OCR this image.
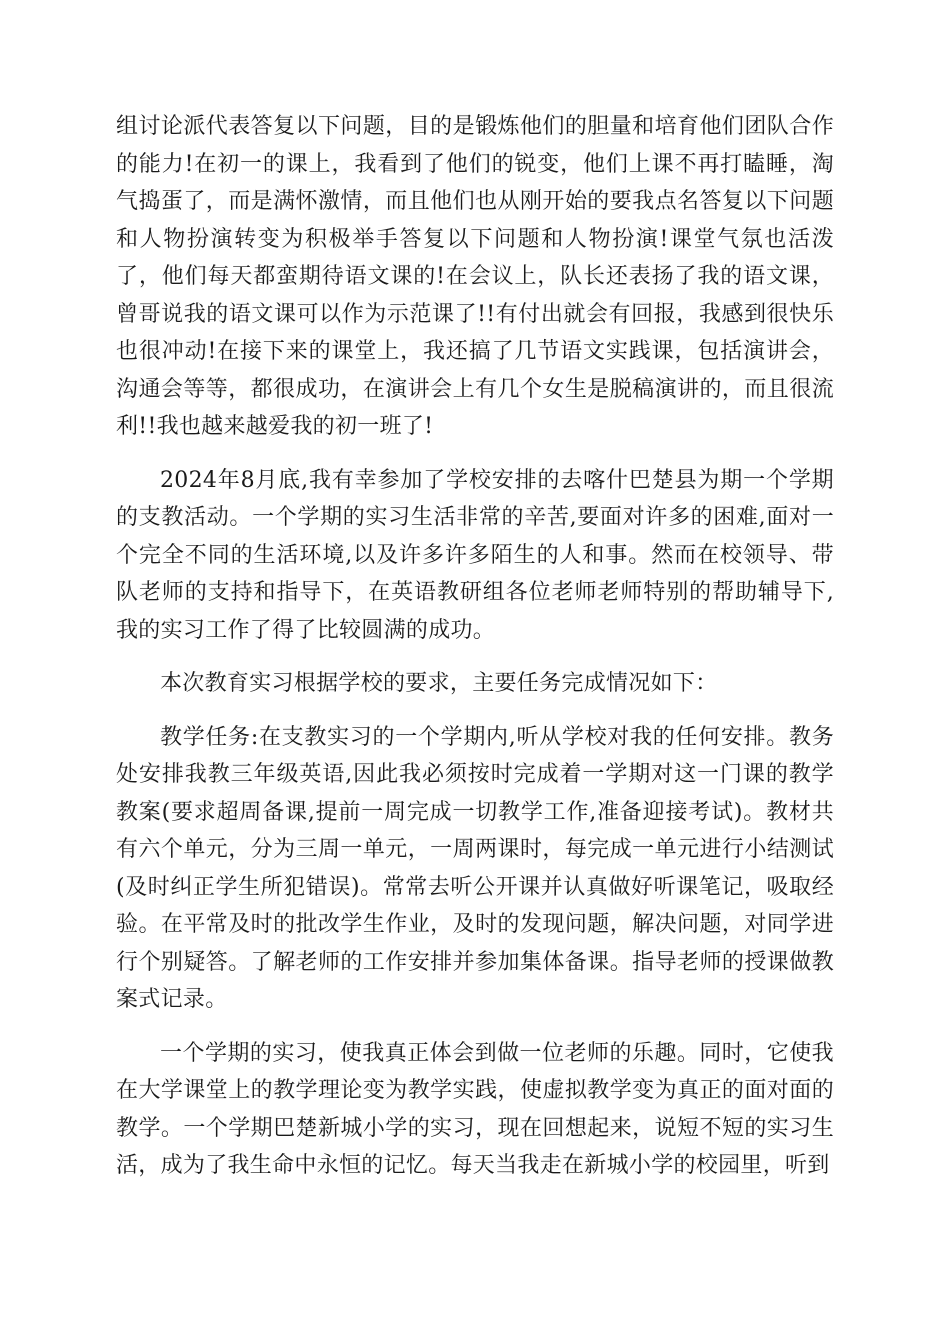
组讨论派代表答复以下问题，目的是锻炼他们的胆量和培育他们团队合作的能力!在初一的课上，我看到了他们的锐变，他们上课不再打瞌睡，淘气捣蛋了，而是满怀激情，而且他们也从刚开始的要我点名答复以下问题和人物扮演转变为积极举手答复以下问题和人物扮演!课堂气氛也活泼了，他们每天都蛮期待语文课的!在会议上，队长还表扬了我的语文课，曾哥说我的语文课可以作为示范课了!!有付出就会有回报，我感到很快乐也很冲动!在接下来的课堂上，我还搞了几节语文实践课，包括演讲会，沟通会等等，都很成功，在演讲会上有几个女生是脱稿演讲的，而且很流利!!我也越来越爱我的初一班了!

2024年8月底,我有幸参加了学校安排的去喀什巴楚县为期一个学期的支教活动。一个学期的实习生活非常的辛苦,要面对许多的困难,面对一个完全不同的生活环境,以及许多许多陌生的人和事。然而在校领导、带队老师的支持和指导下，在英语教研组各位老师老师特别的帮助辅导下,我的实习工作了得了比较圆满的成功。

本次教育实习根据学校的要求，主要任务完成情况如下：

教学任务:在支教实习的一个学期内,听从学校对我的任何安排。教务处安排我教三年级英语,因此我必须按时完成着一学期对这一门课的教学教案(要求超周备课,提前一周完成一切教学工作,准备迎接考试)。教材共有六个单元，分为三周一单元，一周两课时，每完成一单元进行小结测试(及时纠正学生所犯错误)。常常去听公开课并认真做好听课笔记，吸取经验。在平常及时的批改学生作业，及时的发现问题，解决问题，对同学进行个别疑答。了解老师的工作安排并参加集体备课。指导老师的授课做教案式记录。

一个学期的实习，使我真正体会到做一位老师的乐趣。同时，它使我在大学课堂上的教学理论变为教学实践，使虚拟教学变为真正的面对面的教学。一个学期巴楚新城小学的实习，现在回想起来，说短不短的实习生活，成为了我生命中永恒的记忆。每天当我走在新城小学的校园里，听到
